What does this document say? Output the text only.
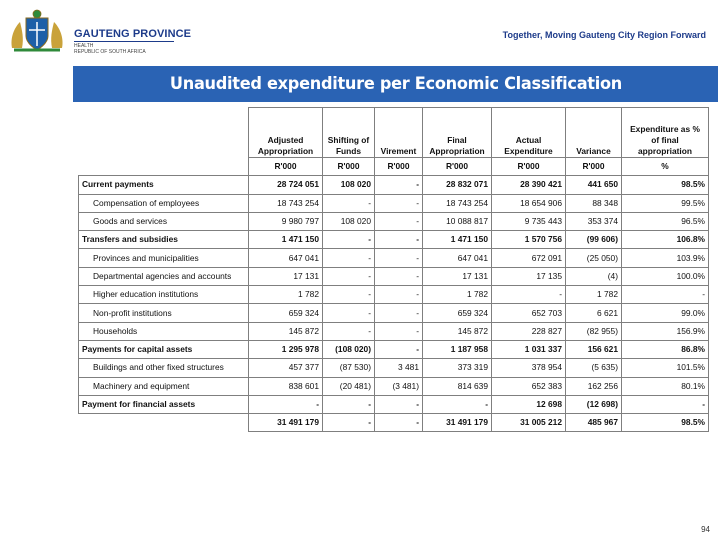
GAUTENG PROVINCE
HEALTH
REPUBLIC OF SOUTH AFRICA
Together, Moving Gauteng City Region Forward
Unaudited expenditure per Economic Classification
	Adjusted Appropriation	Shifting of Funds	Virement	Final Appropriation	Actual Expenditure	Variance	Expenditure as % of final appropriation
	R'000	R'000	R'000	R'000	R'000	R'000	%
Current payments	28 724 051	108 020	-	28 832 071	28 390 421	441 650	98.5%
Compensation of employees	18 743 254	-	-	18 743 254	18 654 906	88 348	99.5%
Goods and services	9 980 797	108 020	-	10 088 817	9 735 443	353 374	96.5%
Transfers and subsidies	1 471 150	-	-	1 471 150	1 570 756	(99 606)	106.8%
Provinces and municipalities	647 041	-	-	647 041	672 091	(25 050)	103.9%
Departmental agencies and accounts	17 131	-	-	17 131	17 135	(4)	100.0%
Higher education institutions	1 782	-	-	1 782	-	1 782	-
Non-profit institutions	659 324	-	-	659 324	652 703	6 621	99.0%
Households	145 872	-	-	145 872	228 827	(82 955)	156.9%
Payments for capital assets	1 295 978	(108 020)	-	1 187 958	1 031 337	156 621	86.8%
Buildings and other fixed structures	457 377	(87 530)	3 481	373 319	378 954	(5 635)	101.5%
Machinery and equipment	838 601	(20 481)	(3 481)	814 639	652 383	162 256	80.1%
Payment for financial assets	-	-	-	-	12 698	(12 698)	-
	31 491 179	-	-	31 491 179	31 005 212	485 967	98.5%
94
